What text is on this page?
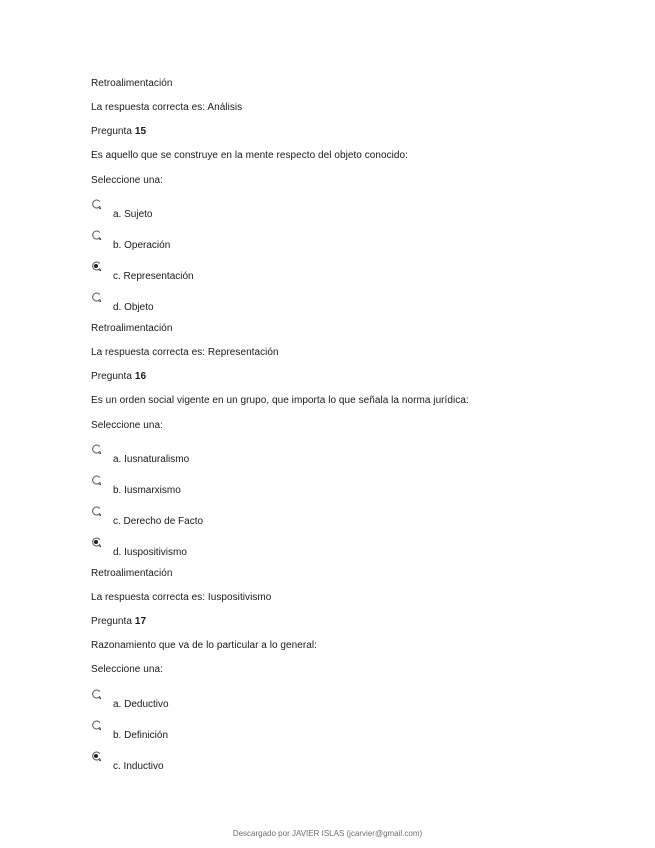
Retroalimentación
La respuesta correcta es: Análisis
Pregunta 15
Es aquello que se construye en la mente respecto del objeto conocido:
Seleccione una:
a. Sujeto
b. Operación
c. Representación
d. Objeto
Retroalimentación
La respuesta correcta es: Representación
Pregunta 16
Es un orden social vigente en un grupo, que importa lo que señala la norma jurídica:
Seleccione una:
a. Iusnaturalismo
b. Iusmarxismo
c. Derecho de Facto
d. Iuspositivismo
Retroalimentación
La respuesta correcta es: Iuspositivismo
Pregunta 17
Razonamiento que va de lo particular a lo general:
Seleccione una:
a. Deductivo
b. Definición
c. Inductivo
Descargado por JAVIER ISLAS (jcarvier@gmail.com)
